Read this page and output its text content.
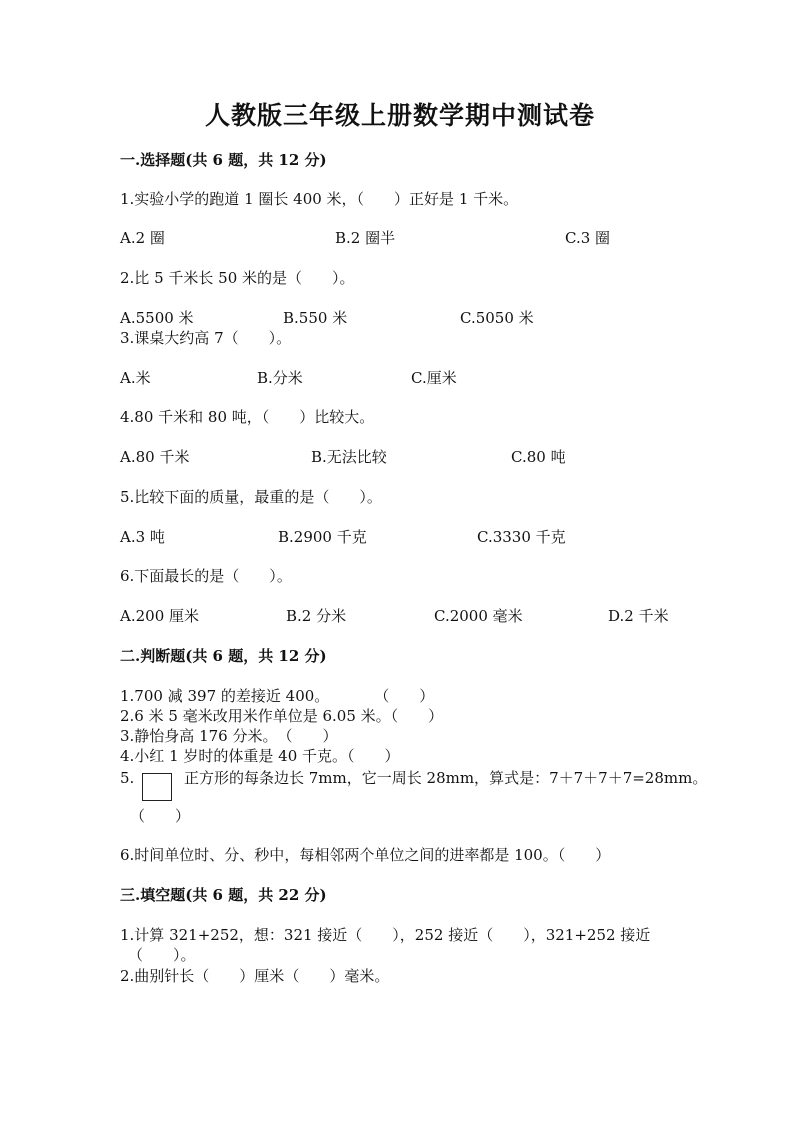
人教版三年级上册数学期中测试卷
一.选择题(共 6 题，共 12 分)
1.实验小学的跑道 1 圈长 400 米，（　　）正好是 1 千米。
A.2 圈	B.2 圈半	C.3 圈
2.比 5 千米长 50 米的是（　　）。
A.5500 米	B.550 米	C.5050 米
3.课桌大约高 7（　　）。
A.米	B.分米	C.厘米
4.80 千米和 80 吨，（　　）比较大。
A.80 千米	B.无法比较	C.80 吨
5.比较下面的质量，最重的是（　　）。
A.3 吨	B.2900 千克	C.3330 千克
6.下面最长的是（　　）。
A.200 厘米	B.2 分米	C.2000 毫米	D.2 千米
二.判断题(共 6 题，共 12 分)
1.700 减 397 的差接近 400。　　　　（　　）
2.6 米 5 毫米改用米作单位是 6.05 米。（　　）
3.静怡身高 176 分米。　（　　）
4.小红 1 岁时的体重是 40 千克。（　　）
5.	正方形的每条边长 7mm，它一周长 28mm，算式是：7＋7＋7＋7=28mm。
（　　）
6.时间单位时、分、秒中，每相邻两个单位之间的进率都是 100。（　　）
三.填空题(共 6 题，共 22 分)
1.计算 321+252，想：321 接近（　　），252 接近（　　），321+252 接近
（　　）。
2.曲别针长（　　）厘米（　　）毫米。
